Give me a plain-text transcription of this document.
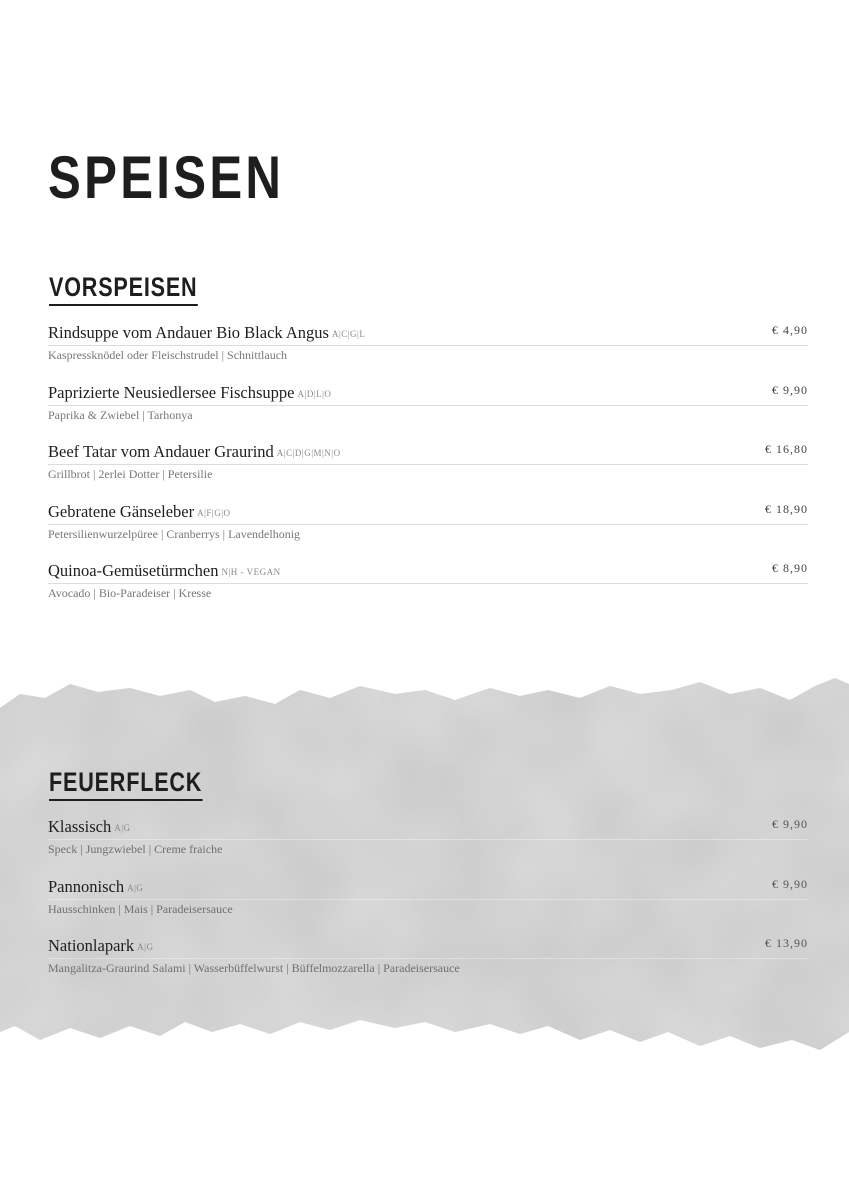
SPEISEN
VORSPEISEN
Rindsuppe vom Andauer Bio Black Angus A|C|G|L	€ 4,90
Kaspressknödel oder Fleischstrudel | Schnittlauch
Paprizierte Neusiedlersee Fischsuppe A|D|L|O	€ 9,90
Paprika & Zwiebel | Tarhonya
Beef Tatar vom Andauer Graurind A|C|D|G|M|N|O	€ 16,80
Grillbrot | 2erlei Dotter | Petersilie
Gebratene Gänseleber A|F|G|O	€ 18,90
Petersilienwurzelpüree | Cranberrys | Lavendelhonig
Quinoa-Gemüsetürmchen N|H - VEGAN	€ 8,90
Avocado | Bio-Paradeiser | Kresse
FEUERFLECK
Klassisch A|G	€ 9,90
Speck | Jungzwiebel | Creme fraiche
Pannonisch A|G	€ 9,90
Hausschinken | Mais | Paradeisersauce
Nationlapark A|G	€ 13,90
Mangalitza-Graurind Salami | Wasserbüffelwurst | Büffelmozzarella | Paradeisersauce
